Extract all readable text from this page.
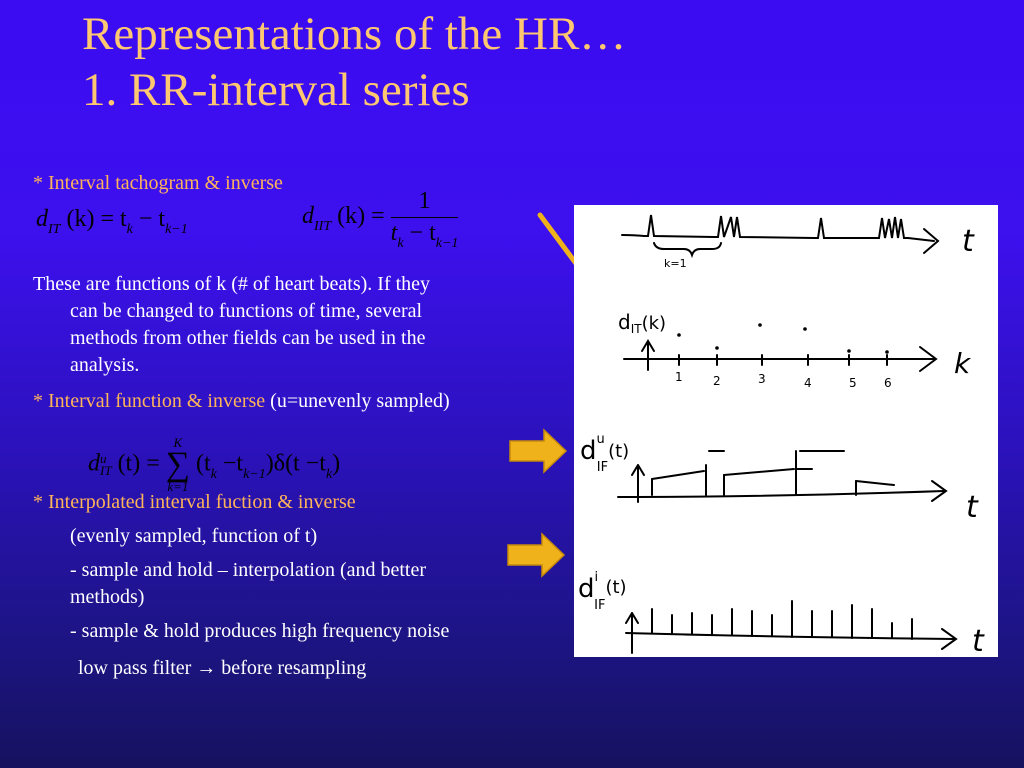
Representations of the HR…
1. RR-interval series
* Interval tachogram & inverse
$d_{IT}$ $(k) = t_k - t_{k-1}$
$d_{IIT}$ $(k) = \frac{1}{t_k - t_{k-1}}$
These are functions of k (# of heart beats). If they
can be changed to functions of time, several
methods from other fields can be used in the
analysis.
* Interval function & inverse (u=unevenly sampled)
d u
IT (t) =
K
∑
k=1
$(t_k -t_{k-1})\delta(t -t_k)$
* Interpolated interval fuction & inverse
(evenly sampled, function of t)
- sample and hold – interpolation (and better
methods)
- sample & hold produces high frequency noise
low pass filter → before resampling
t
k=1
$d_{IT}(k)$
k
1	2	3	4	5 6
$d^u$ IF$^{(t)}$
t
$d^i$ IF$^{(t)}$
t
